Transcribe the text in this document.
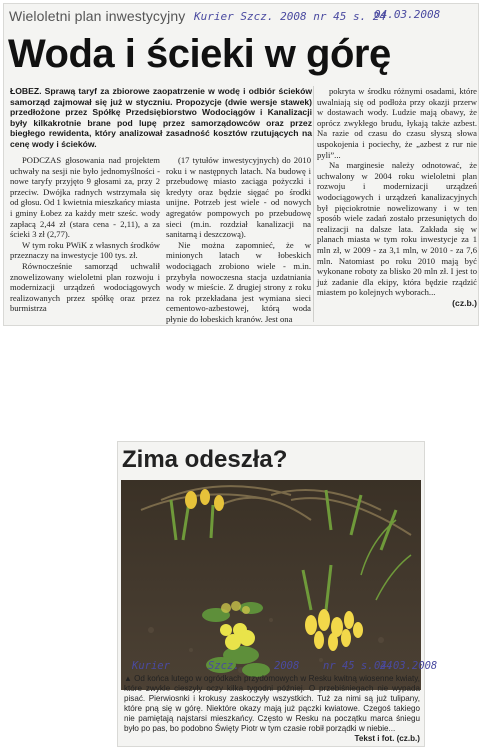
Wieloletni plan inwestycyjny Kurier Szcz. 2008 nr 45 s. 24
04.03.2008
Woda i ścieki w górę
ŁOBEZ. Sprawą taryf za zbiorowe zaopatrzenie w wodę i odbiór ścieków samorząd zajmował się już w styczniu. Propozycje (dwie wersje stawek) przedłożone przez Spółkę Przedsiębiorstwo Wodociągów i Kanalizacji były kilkakrotnie brane pod lupę przez samorządowców oraz przez biegłego rewidenta, który analizował zasadność kosztów rzutujących na cenę wody i ścieków.

PODCZAS głosowania nad projektem uchwały na sesji nie było jednomyślności - nowe taryfy przyjęto 9 głosami za, przy 2 przeciw. Dwójka radnych wstrzymała się od głosu. Od 1 kwietnia mieszkańcy miasta i gminy Łobez za każdy metr sześc. wody zapłacą 2,44 zł (stara cena - 2,11), a za ścieki 3 zł (2,77).

W tym roku PWiK z własnych środków przeznaczy na inwestycje 100 tys. zł.

Równocześnie samorząd uchwalił znowelizowany wieloletni plan rozwoju i modernizacji urządzeń wodociągowych realizowanych przez spółkę oraz przez burmistrza

(17 tytułów inwestycyjnych) do 2010 roku i w następnych latach. Na budowę i przebudowę miasto zaciąga pożyczki i kredyty oraz będzie sięgać po środki unijne. Potrzeb jest wiele - od nowych agregatów pompowych po przebudowę sieci (m.in. rozdział kanalizacji na sanitarną i deszczową).

Nie można zapomnieć, że w minionych latach w łobeskich wodociągach zrobiono wiele - m.in. przybyła nowoczesna stacja uzdatniania wody w mieście. Z drugiej strony z roku na rok przekładana jest wymiana sieci cementowo-azbestowej, którą woda płynie do łobeskich kranów. Jest ona

pokryta w środku różnymi osadami, które uwalniają się od podłoża przy okazji przerw w dostawach wody. Ludzie mają obawy, że oprócz zwykłego brudu, łykają także azbest. Na razie od czasu do czasu słyszą słowa uspokojenia i pociechy, że „azbest z rur nie pyli”...

Na marginesie należy odnotować, że uchwalony w 2004 roku wieloletni plan rozwoju i modernizacji urządzeń wodociągowych i urządzeń kanalizacyjnych był pięciokrotnie nowelizowany i w ten sposób wiele zadań zostało przesuniętych do realizacji na dalsze lata. Zakłada się w planach miasta w tym roku inwestycje za 1 mln zł, w 2009 - za 3,1 mln, w 2010 - za 7,6 mln. Natomiast po roku 2010 mają być wykonane roboty za blisko 20 mln zł. I jest to już zadanie dla ekipy, która będzie rządzić miastem po kolejnych wyborach...

(cz.b.)
Zima odeszła?
Kurier	Szcz.	2008 nr 45 s. 24
04.03.2008
▲ Od końca lutego w ogródkach przydomowych w Resku kwitną wiosenne kwiaty, które zwykle cieszyły oczy kilka tygodni później. O przebiśniegach nie wypada pisać. Pierwiosnki i krokusy zaskoczyły wszystkich. Tuż za nimi są już tulipany, które pną się w górę. Niektóre okazy mają już pączki kwiatowe. Czegoś takiego nie pamiętają najstarsi mieszkańcy. Często w Resku na początku marca śniegu było po pas, bo podobno Święty Piotr w tym czasie robił porządki w niebie...
Tekst i fot. (cz.b.)
